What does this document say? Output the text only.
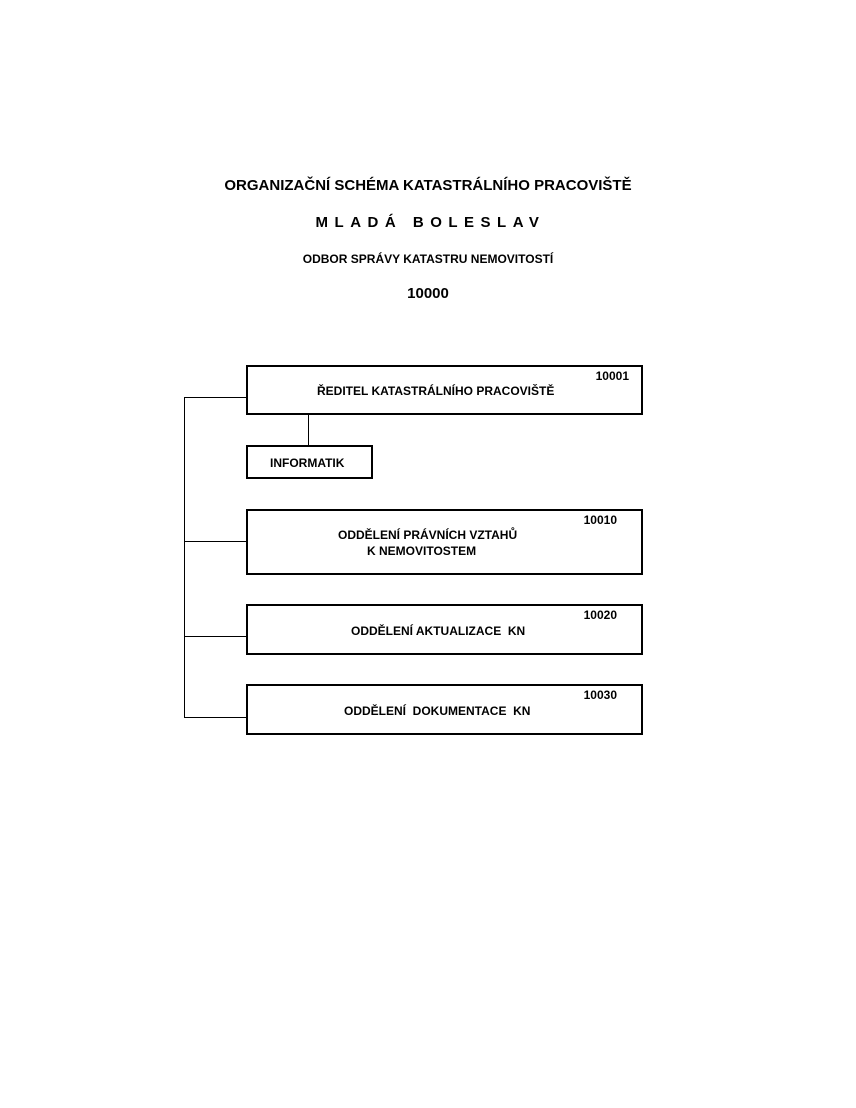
ORGANIZAČNÍ SCHÉMA KATASTRÁLNÍHO PRACOVIŠTĚ
MLADÁ BOLESLAV
ODBOR SPRÁVY KATASTRU NEMOVITOSTÍ
10000
10001
ŘEDITEL KATASTRÁLNÍHO PRACOVIŠTĚ
INFORMATIK
10010
ODDĚLENÍ PRÁVNÍCH VZTAHŮ
K NEMOVITOSTEM
10020
ODDĚLENÍ AKTUALIZACE  KN
10030
ODDĚLENÍ  DOKUMENTACE  KN
